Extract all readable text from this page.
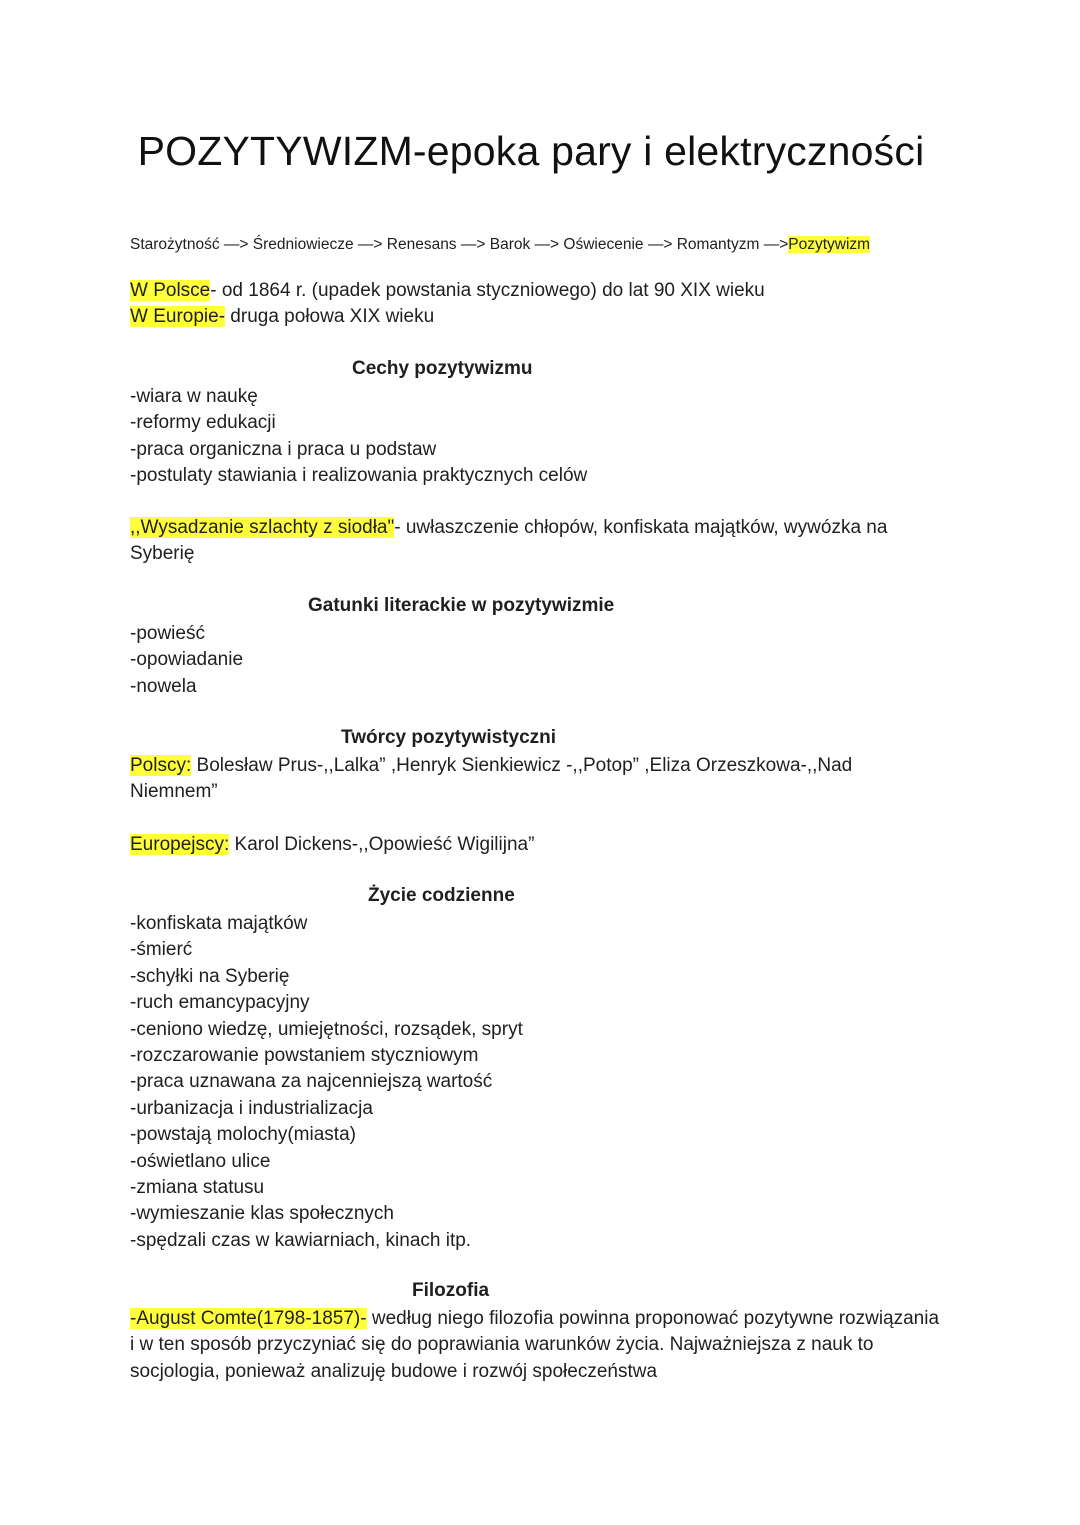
POZYTYWIZM-epoka pary i elektryczności
Starożytność —> Średniowiecze —> Renesans —> Barok —> Oświecenie —> Romantyzm —>Pozytywizm

W Polsce- od 1864 r. (upadek powstania styczniowego) do lat 90 XIX wieku
W Europie- druga połowa XIX wieku

Cechy pozytywizmu
-wiara w naukę
-reformy edukacji
-praca organiczna i praca u podstaw
-postulaty stawiania i realizowania praktycznych celów

,,Wysadzanie szlachty z siodła"- uwłaszczenie chłopów, konfiskata majątków, wywózka na Syberię

Gatunki literackie w pozytywizmie
-powieść
-opowiadanie
-nowela
Twórcy pozytywistyczni

Polscy: Bolesław Prus-,,Lalka” ,Henryk Sienkiewicz -,,Potop” ,Eliza Orzeszkowa-,,Nad Niemnem”

Europejscy: Karol Dickens-,,Opowieść Wigilijna”

Życie codzienne
-konfiskata majątków
-śmierć
-schyłki na Syberię
-ruch emancypacyjny
-ceniono wiedzę, umiejętności, rozsądek, spryt
-rozczarowanie powstaniem styczniowym
-praca uznawana za najcenniejszą wartość
-urbanizacja i industrializacja
-powstają molochy(miasta)
-oświetlano ulice
-zmiana statusu
-wymieszanie klas społecznych
-spędzali czas w kawiarniach, kinach itp.
Filozofia

-August Comte(1798-1857)- według niego filozofia powinna proponować pozytywne rozwiązania i w ten sposób przyczyniać się do poprawiania warunków życia. Najważniejsza z nauk to socjologia, ponieważ analizuję budowe i rozwój społeczeństwa
